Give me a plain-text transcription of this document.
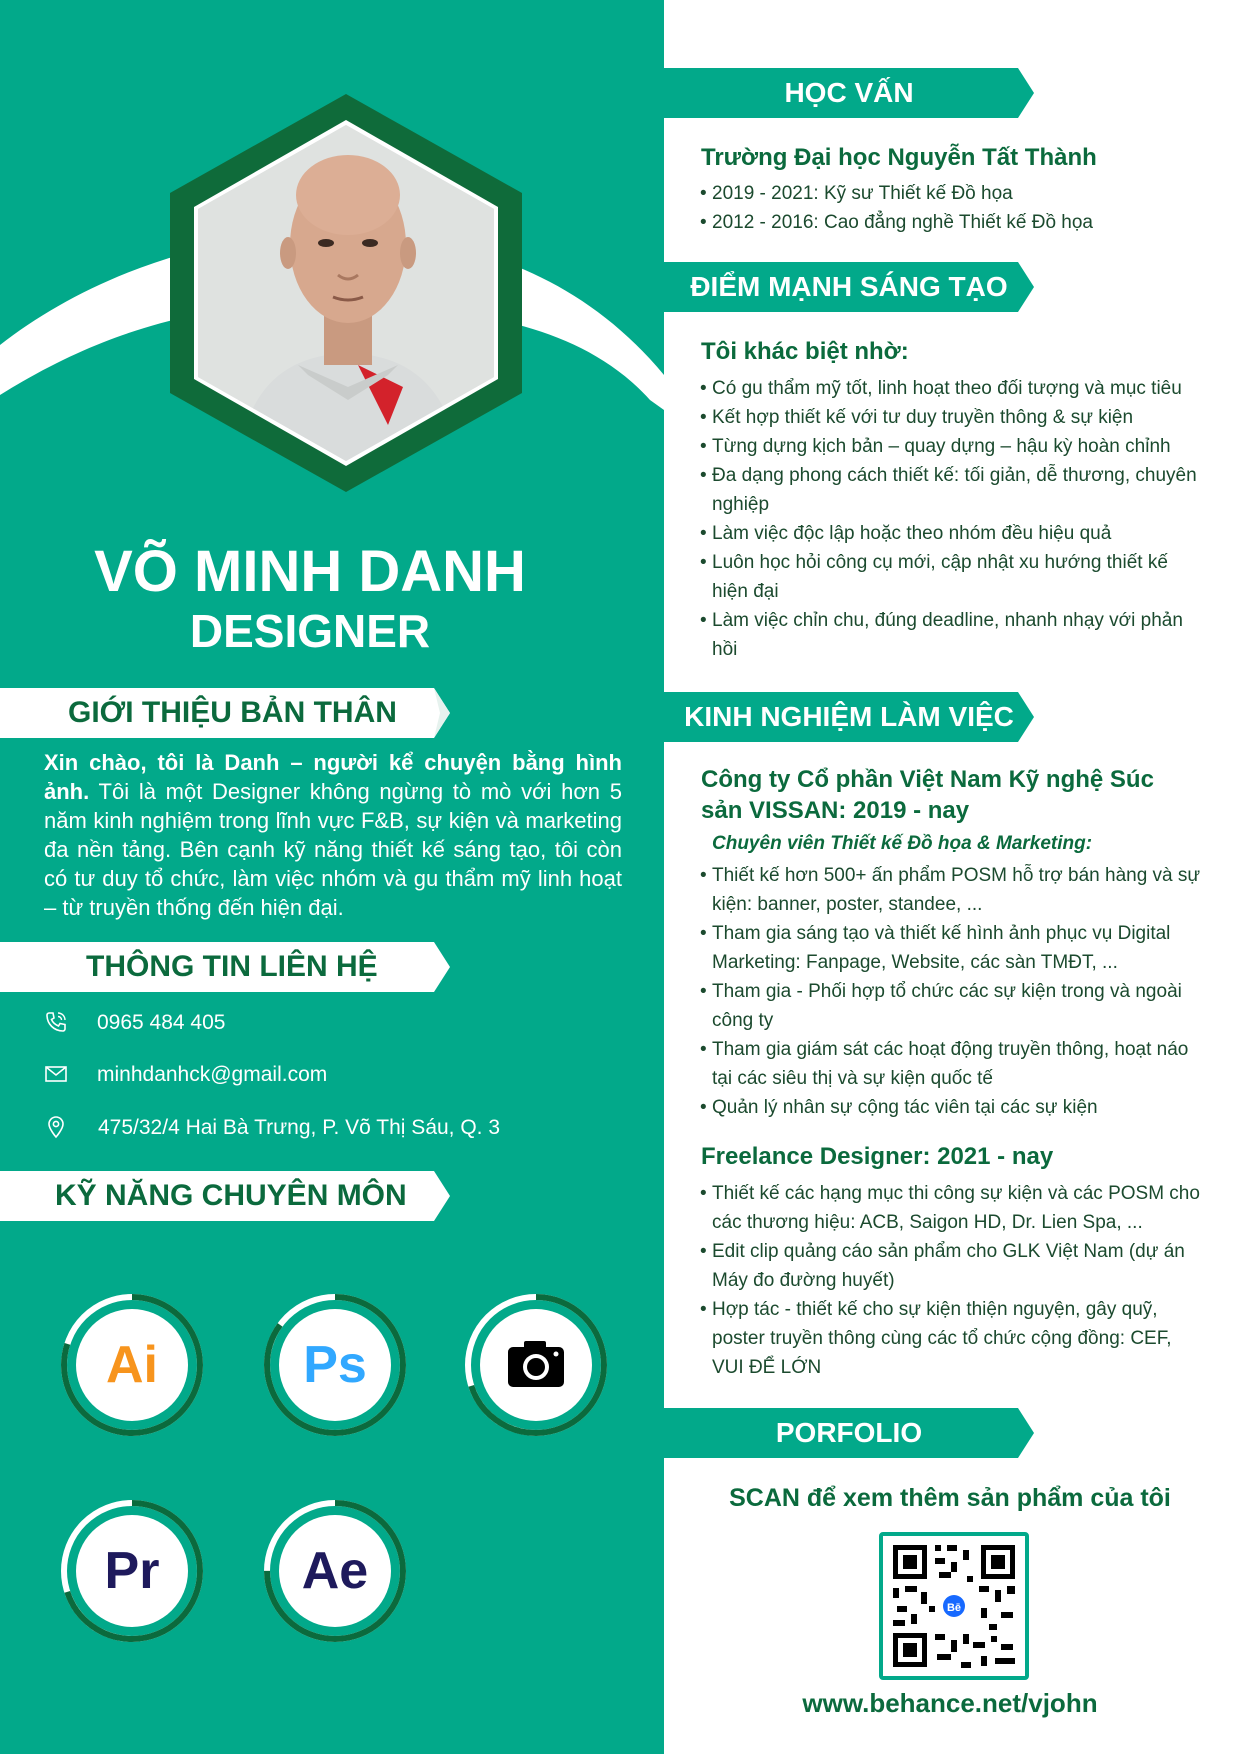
VÕ MINH DANH
DESIGNER
GIỚI THIỆU BẢN THÂN
Xin chào, tôi là Danh – người kể chuyện bằng hình ảnh. Tôi là một Designer không ngừng tò mò với hơn 5 năm kinh nghiệm trong lĩnh vực F&B, sự kiện và marketing đa nền tảng. Bên cạnh kỹ năng thiết kế sáng tạo, tôi còn có tư duy tổ chức, làm việc nhóm và gu thẩm mỹ linh hoạt – từ truyền thống đến hiện đại.
THÔNG TIN LIÊN HỆ
0965 484 405
minhdanhck@gmail.com
475/32/4 Hai Bà Trưng, P. Võ Thị Sáu, Q. 3
KỸ NĂNG CHUYÊN MÔN
Ai	Ps
Pr	Ae
HỌC VẤN
Trường Đại học Nguyễn Tất Thành
• 2019 - 2021: Kỹ sư Thiết kế Đồ họa
• 2012 - 2016: Cao đẳng nghề Thiết kế Đồ họa
ĐIỂM MẠNH SÁNG TẠO
Tôi khác biệt nhờ:
• Có gu thẩm mỹ tốt, linh hoạt theo đối tượng và mục tiêu
• Kết hợp thiết kế với tư duy truyền thông & sự kiện
• Từng dựng kịch bản – quay dựng – hậu kỳ hoàn chỉnh
• Đa dạng phong cách thiết kế: tối giản, dễ thương, chuyên nghiệp
• Làm việc độc lập hoặc theo nhóm đều hiệu quả
• Luôn học hỏi công cụ mới, cập nhật xu hướng thiết kế hiện đại
• Làm việc chỉn chu, đúng deadline, nhanh nhạy với phản hồi
KINH NGHIỆM LÀM VIỆC
Công ty Cổ phần Việt Nam Kỹ nghệ Súc sản VISSAN: 2019 - nay
Chuyên viên Thiết kế Đồ họa & Marketing:
• Thiết kế hơn 500+ ấn phẩm POSM hỗ trợ bán hàng và sự kiện: banner, poster, standee, ...
• Tham gia sáng tạo và thiết kế hình ảnh phục vụ Digital Marketing: Fanpage, Website, các sàn TMĐT, ...
• Tham gia - Phối hợp tổ chức các sự kiện trong và ngoài công ty
• Tham gia giám sát các hoạt động truyền thông, hoạt náo tại các siêu thị và sự kiện quốc tế
• Quản lý nhân sự cộng tác viên tại các sự kiện
Freelance Designer: 2021 - nay
• Thiết kế các hạng mục thi công sự kiện và các POSM cho các thương hiệu: ACB, Saigon HD, Dr. Lien Spa, ...
• Edit clip quảng cáo sản phẩm cho GLK Việt Nam (dự án Máy đo đường huyết)
• Hợp tác - thiết kế cho sự kiện thiện nguyện, gây quỹ, poster truyền thông cùng các tổ chức cộng đồng: CEF, VUI ĐỂ LỚN
PORFOLIO
SCAN để xem thêm sản phẩm của tôi
Bē
www.behance.net/vjohn
